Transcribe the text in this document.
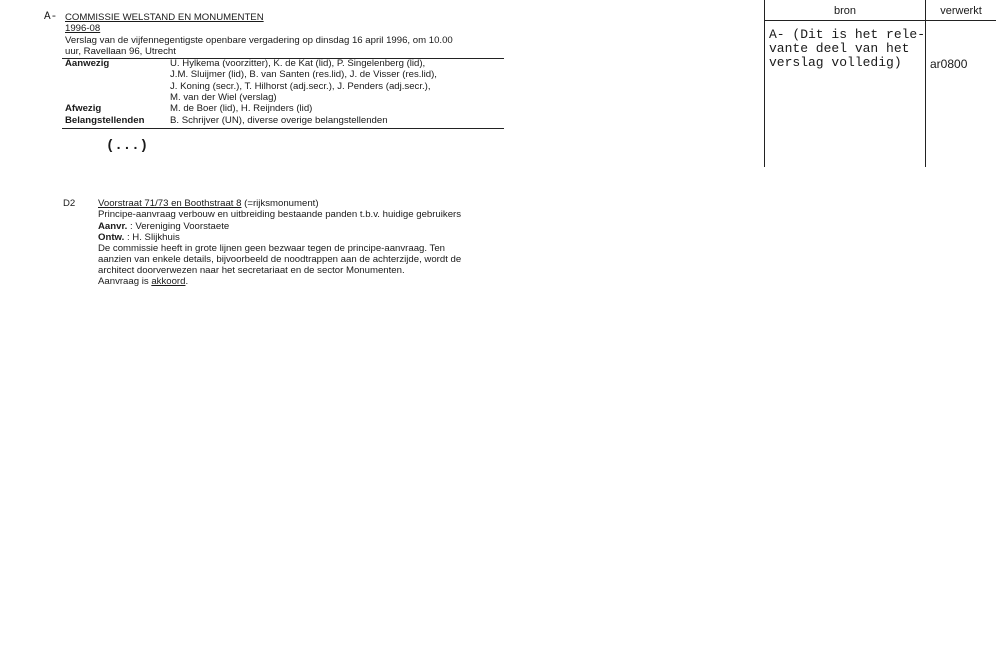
A- COMMISSIE WELSTAND EN MONUMENTEN
1996-08
Verslag van de vijfennegentigste openbare vergadering op dinsdag 16 april 1996, om 10.00
uur, Ravellaan 96, Utrecht
Aanwezig	U. Hylkema (voorzitter), K. de Kat (lid), P. Singelenberg (lid),
J.M. Sluijmer (lid), B. van Santen (res.lid), J. de Visser (res.lid),
J. Koning (secr.), T. Hilhorst (adj.secr.), J. Penders (adj.secr.),
M. van der Wiel (verslag)
Afwezig	M. de Boer (lid), H. Reijnders (lid)
Belangstellenden	B. Schrijver (UN), diverse overige belangstellenden
(...)
D2 Voorstraat 71/73 en Boothstraat 8 (=rijksmonument)
Principe-aanvraag verbouw en uitbreiding bestaande panden t.b.v. huidige gebruikers
Aanvr. : Vereniging Voorstaete
Ontw. : H. Slijkhuis
De commissie heeft in grote lijnen geen bezwaar tegen de principe-aanvraag. Ten
aanzien van enkele details, bijvoorbeeld de noodtrappen aan de achterzijde, wordt de
architect doorverwezen naar het secretariaat en de sector Monumenten.
Aanvraag is akkoord.
bron	verwerkt
A- (Dit is het rele-
vante deel van het
verslag volledig) ar0800
